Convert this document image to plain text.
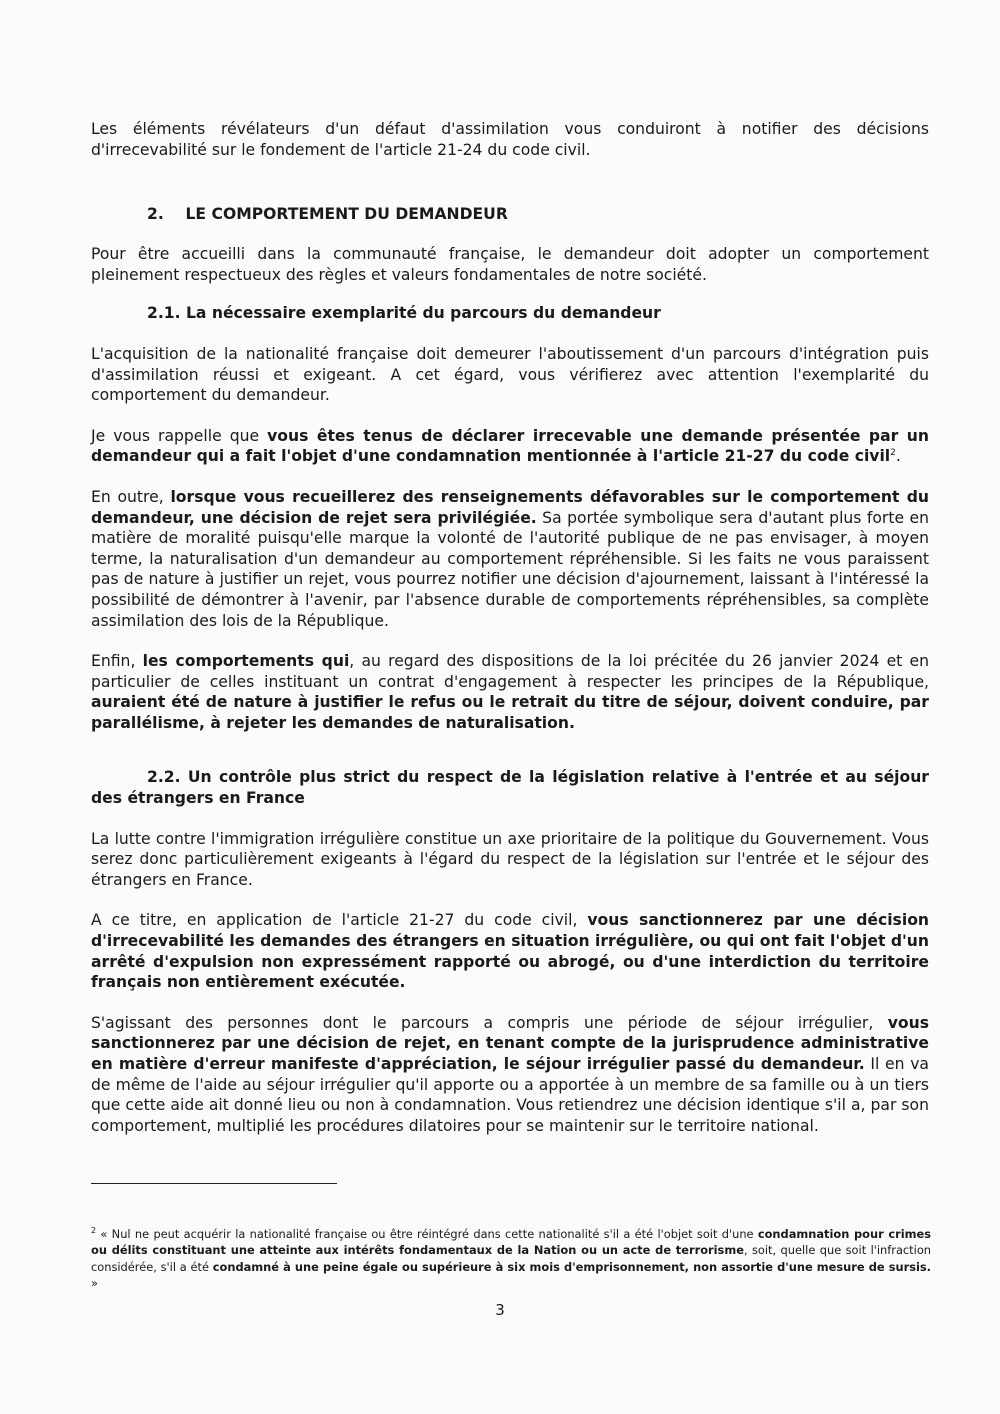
Les éléments révélateurs d'un défaut d'assimilation vous conduiront à notifier des décisions d'irrecevabilité sur le fondement de l'article 21-24 du code civil.

2. LE COMPORTEMENT DU DEMANDEUR

Pour être accueilli dans la communauté française, le demandeur doit adopter un comportement pleinement respectueux des règles et valeurs fondamentales de notre société.

2.1. La nécessaire exemplarité du parcours du demandeur

L'acquisition de la nationalité française doit demeurer l'aboutissement d'un parcours d'intégration puis d'assimilation réussi et exigeant. A cet égard, vous vérifierez avec attention l'exemplarité du comportement du demandeur.

Je vous rappelle que vous êtes tenus de déclarer irrecevable une demande présentée par un demandeur qui a fait l'objet d'une condamnation mentionnée à l'article 21-27 du code civil$^2$.

En outre, lorsque vous recueillerez des renseignements défavorables sur le comportement du demandeur, une décision de rejet sera privilégiée. Sa portée symbolique sera d'autant plus forte en matière de moralité puisqu'elle marque la volonté de l'autorité publique de ne pas envisager, à moyen terme, la naturalisation d'un demandeur au comportement répréhensible. Si les faits ne vous paraissent pas de nature à justifier un rejet, vous pourrez notifier une décision d'ajournement, laissant à l'intéressé la possibilité de démontrer à l'avenir, par l'absence durable de comportements répréhensibles, sa complète assimilation des lois de la République.

Enfin, les comportements qui, au regard des dispositions de la loi précitée du 26 janvier 2024 et en particulier de celles instituant un contrat d'engagement à respecter les principes de la République, auraient été de nature à justifier le refus ou le retrait du titre de séjour, doivent conduire, par parallélisme, à rejeter les demandes de naturalisation.

2.2. Un contrôle plus strict du respect de la législation relative à l'entrée et au séjour des étrangers en France

La lutte contre l'immigration irrégulière constitue un axe prioritaire de la politique du Gouvernement. Vous serez donc particulièrement exigeants à l'égard du respect de la législation sur l'entrée et le séjour des étrangers en France.

A ce titre, en application de l'article 21-27 du code civil, vous sanctionnerez par une décision d'irrecevabilité les demandes des étrangers en situation irrégulière, ou qui ont fait l'objet d'un arrêté d'expulsion non expressément rapporté ou abrogé, ou d'une interdiction du territoire français non entièrement exécutée.

S'agissant des personnes dont le parcours a compris une période de séjour irrégulier, vous sanctionnerez par une décision de rejet, en tenant compte de la jurisprudence administrative en matière d'erreur manifeste d'appréciation, le séjour irrégulier passé du demandeur. Il en va de même de l'aide au séjour irrégulier qu'il apporte ou a apportée à un membre de sa famille ou à un tiers que cette aide ait donné lieu ou non à condamnation. Vous retiendrez une décision identique s'il a, par son comportement, multiplié les procédures dilatoires pour se maintenir sur le territoire national.

$^2$ « Nul ne peut acquérir la nationalité française ou être réintégré dans cette nationalité s'il a été l'objet soit d'une condamnation pour crimes ou délits constituant une atteinte aux intérêts fondamentaux de la Nation ou un acte de terrorisme, soit, quelle que soit l'infraction considérée, s'il a été condamné à une peine égale ou supérieure à six mois d'emprisonnement, non assortie d'une mesure de sursis. »
3
